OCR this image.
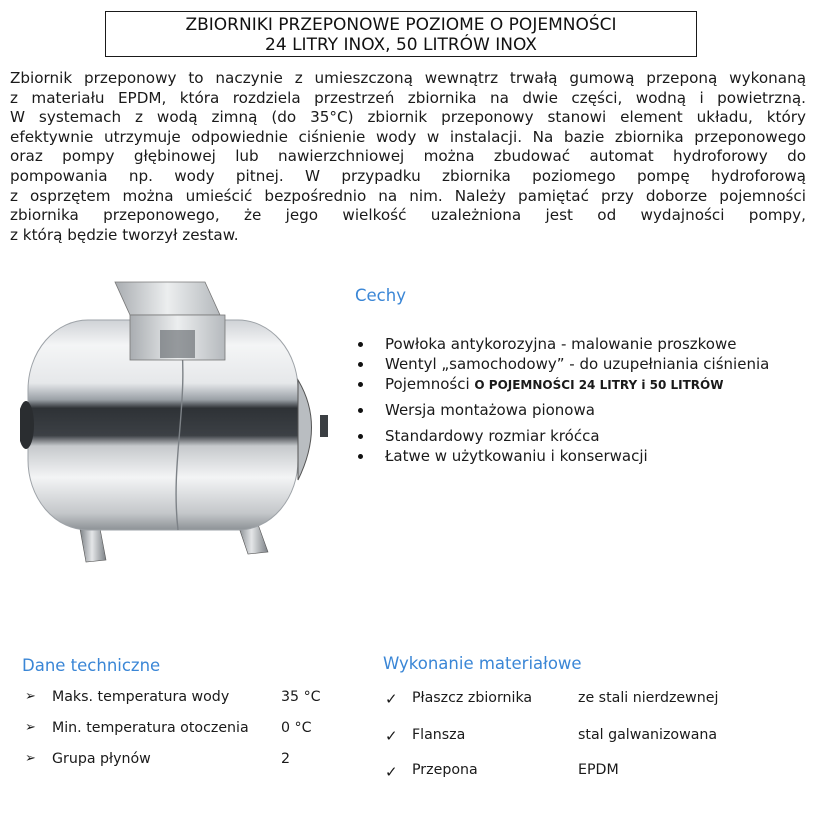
ZBIORNIKI PRZEPONOWE POZIOME O POJEMNOŚCI
24 LITRY INOX, 50 LITRÓW INOX
Zbiornik przeponowy to naczynie z umieszczoną wewnątrz trwałą gumową przeponą wykonaną
z materiału EPDM, która rozdziela przestrzeń zbiornika na dwie części, wodną i powietrzną.
W systemach z wodą zimną (do 35°C) zbiornik przeponowy stanowi element układu, który
efektywnie utrzymuje odpowiednie ciśnienie wody w instalacji. Na bazie zbiornika przeponowego
oraz pompy głębinowej lub nawierzchniowej można zbudować automat hydroforowy do
pompowania np. wody pitnej. W przypadku zbiornika poziomego pompę hydroforową
z osprzętem można umieścić bezpośrednio na nim. Należy pamiętać przy doborze pojemności
zbiornika przeponowego, że jego wielkość uzależniona jest od wydajności pompy,
z którą będzie tworzył zestaw.
Cechy
Powłoka antykorozyjna - malowanie proszkowe
Wentyl „samochodowy” - do uzupełniania ciśnienia
Pojemności O POJEMNOŚCI 24 LITRY i 50 LITRÓW
Wersja montażowa pionowa
Standardowy rozmiar króćca
Łatwe w użytkowaniu i konserwacji
Dane techniczne
➢ Maks. temperatura wody	35 °C
➢ Min. temperatura otoczenia 0 °C
➢ Grupa płynów	2
Wykonanie materiałowe
✓ Płaszcz zbiornika	ze stali nierdzewnej
✓ Flansza	stal galwanizowana
✓ Przepona	EPDM
